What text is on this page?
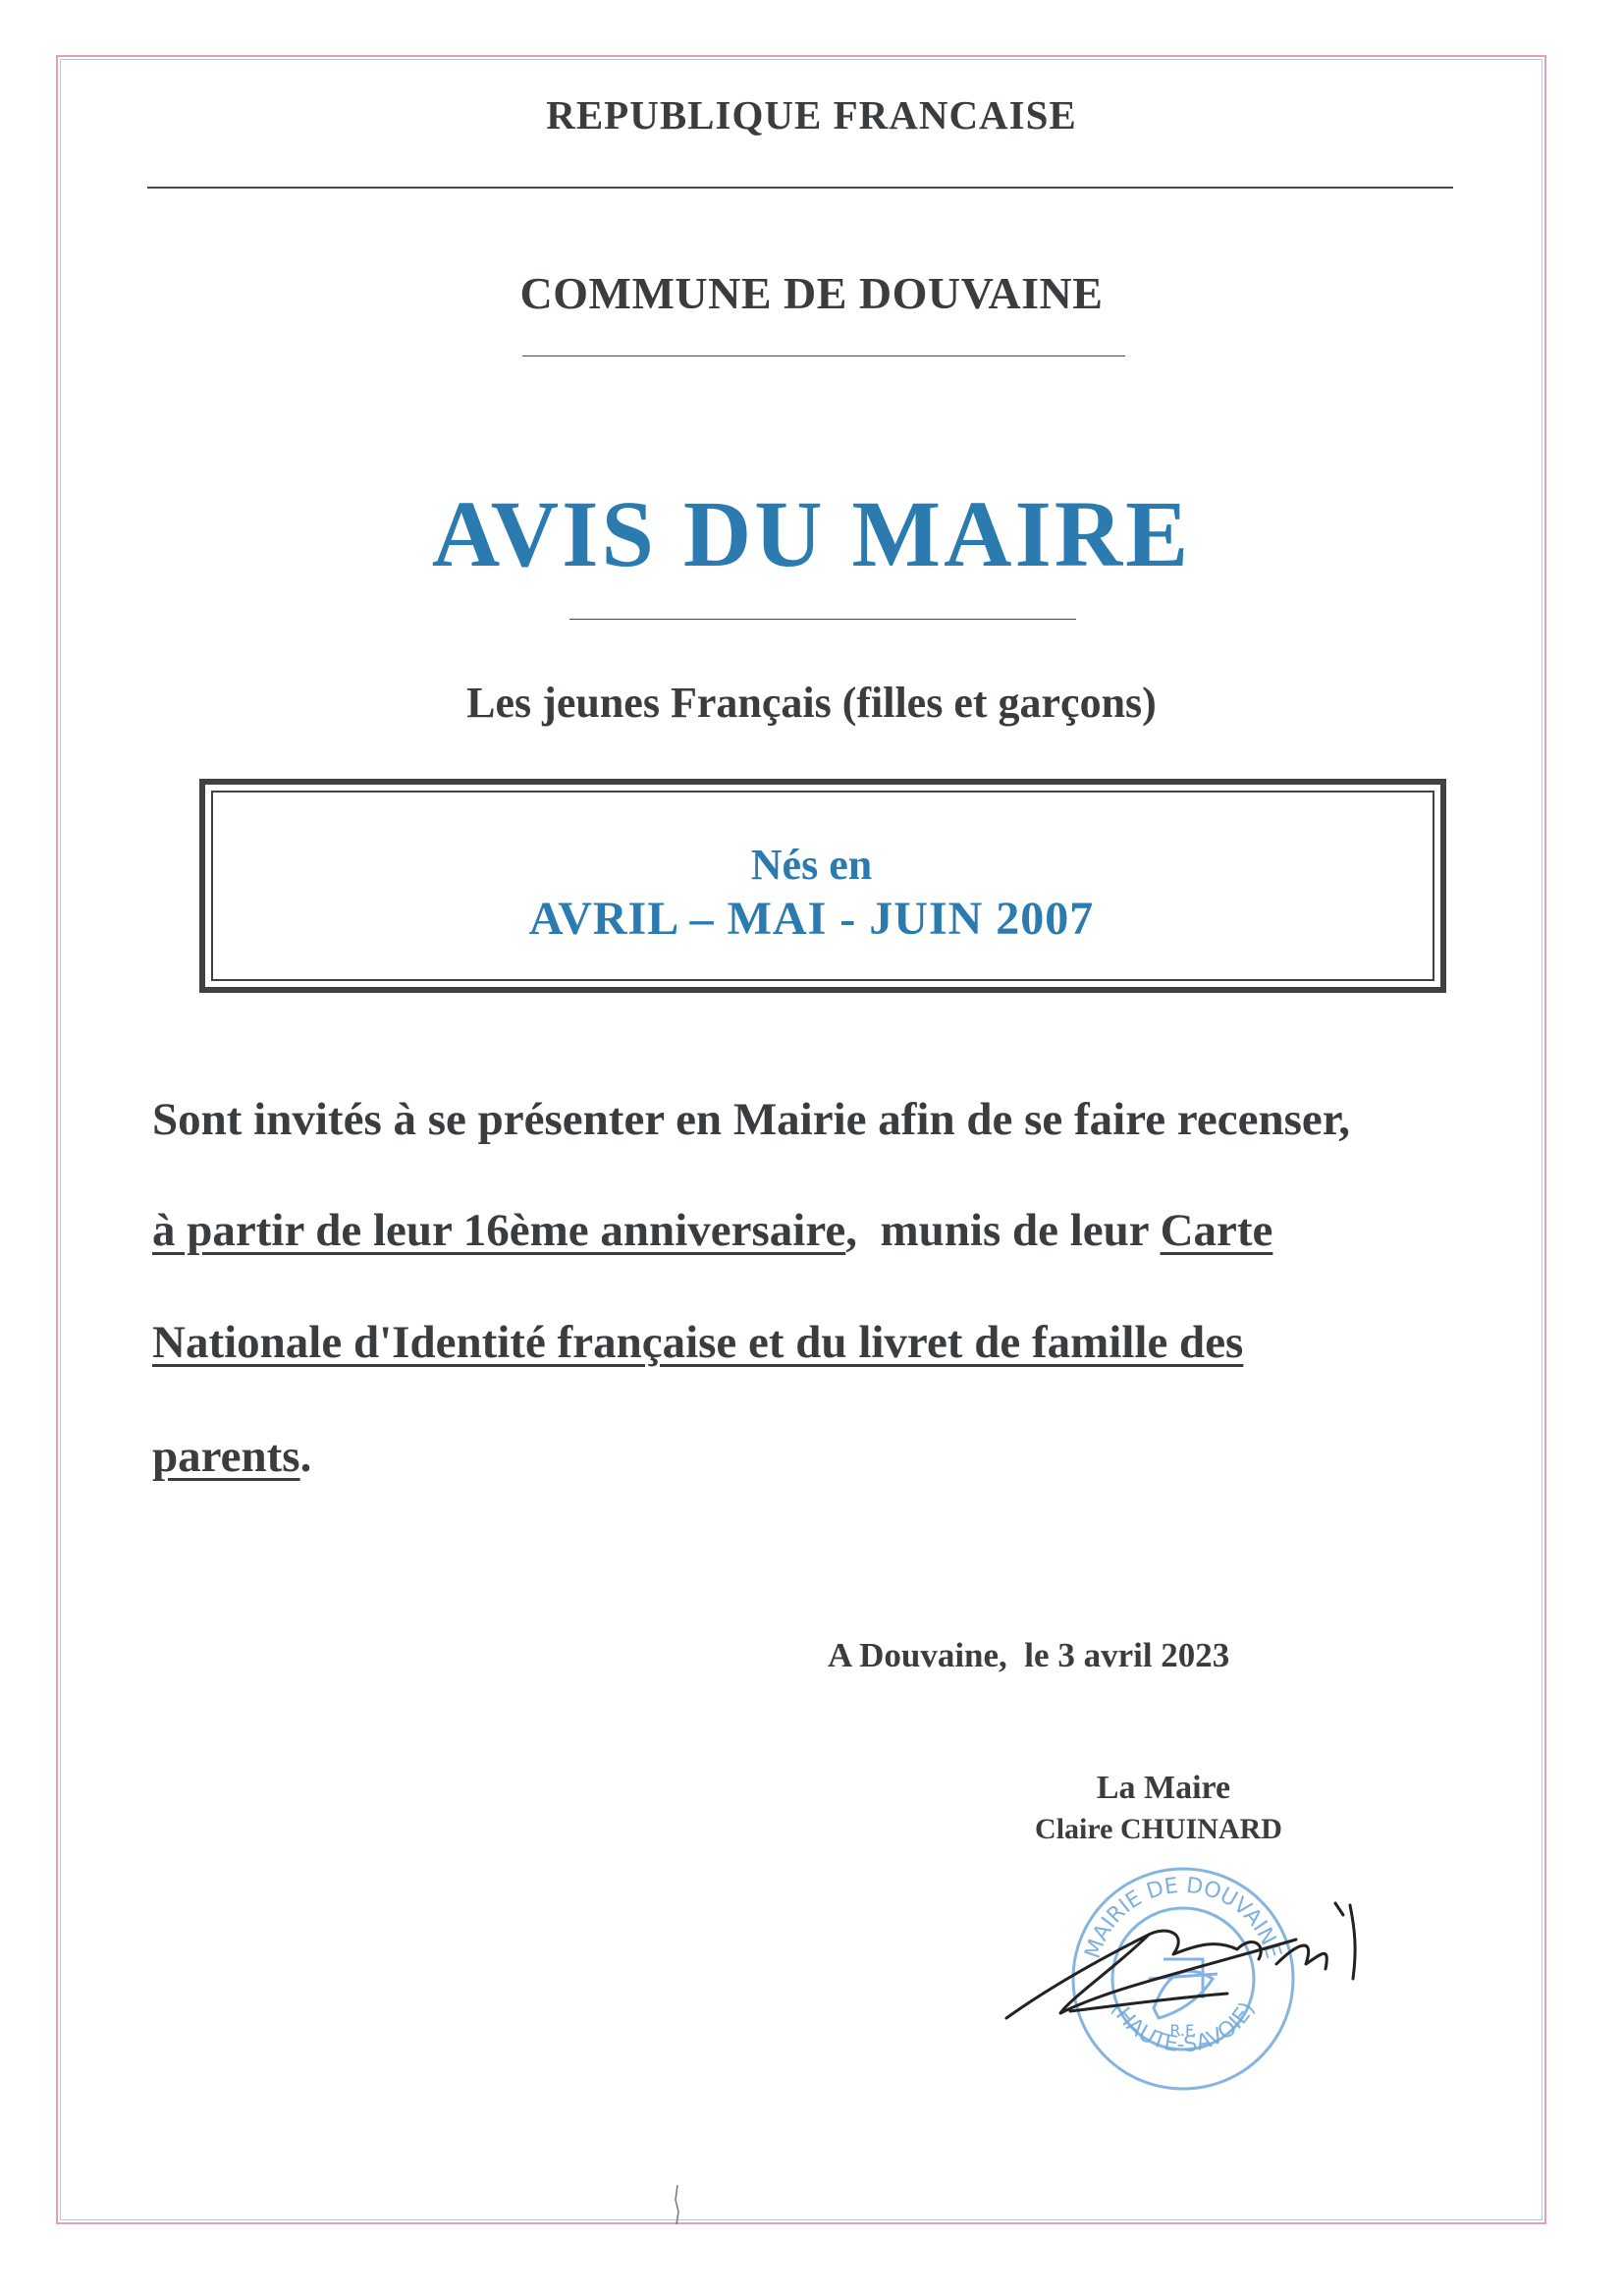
REPUBLIQUE FRANCAISE
COMMUNE DE DOUVAINE
AVIS DU MAIRE
Les jeunes Français (filles et garçons)
Nés en
AVRIL – MAI - JUIN 2007
Sont invités à se présenter en Mairie afin de se faire recenser,
à partir de leur 16ème anniversaire,  munis de leur Carte
Nationale d'Identité française et du livret de famille des
parents.
A Douvaine,  le 3 avril 2023
La Maire
Claire CHUINARD
MAIRIE DE DOUVAINE
(HAUTE-SAVOIE)
R.F.
